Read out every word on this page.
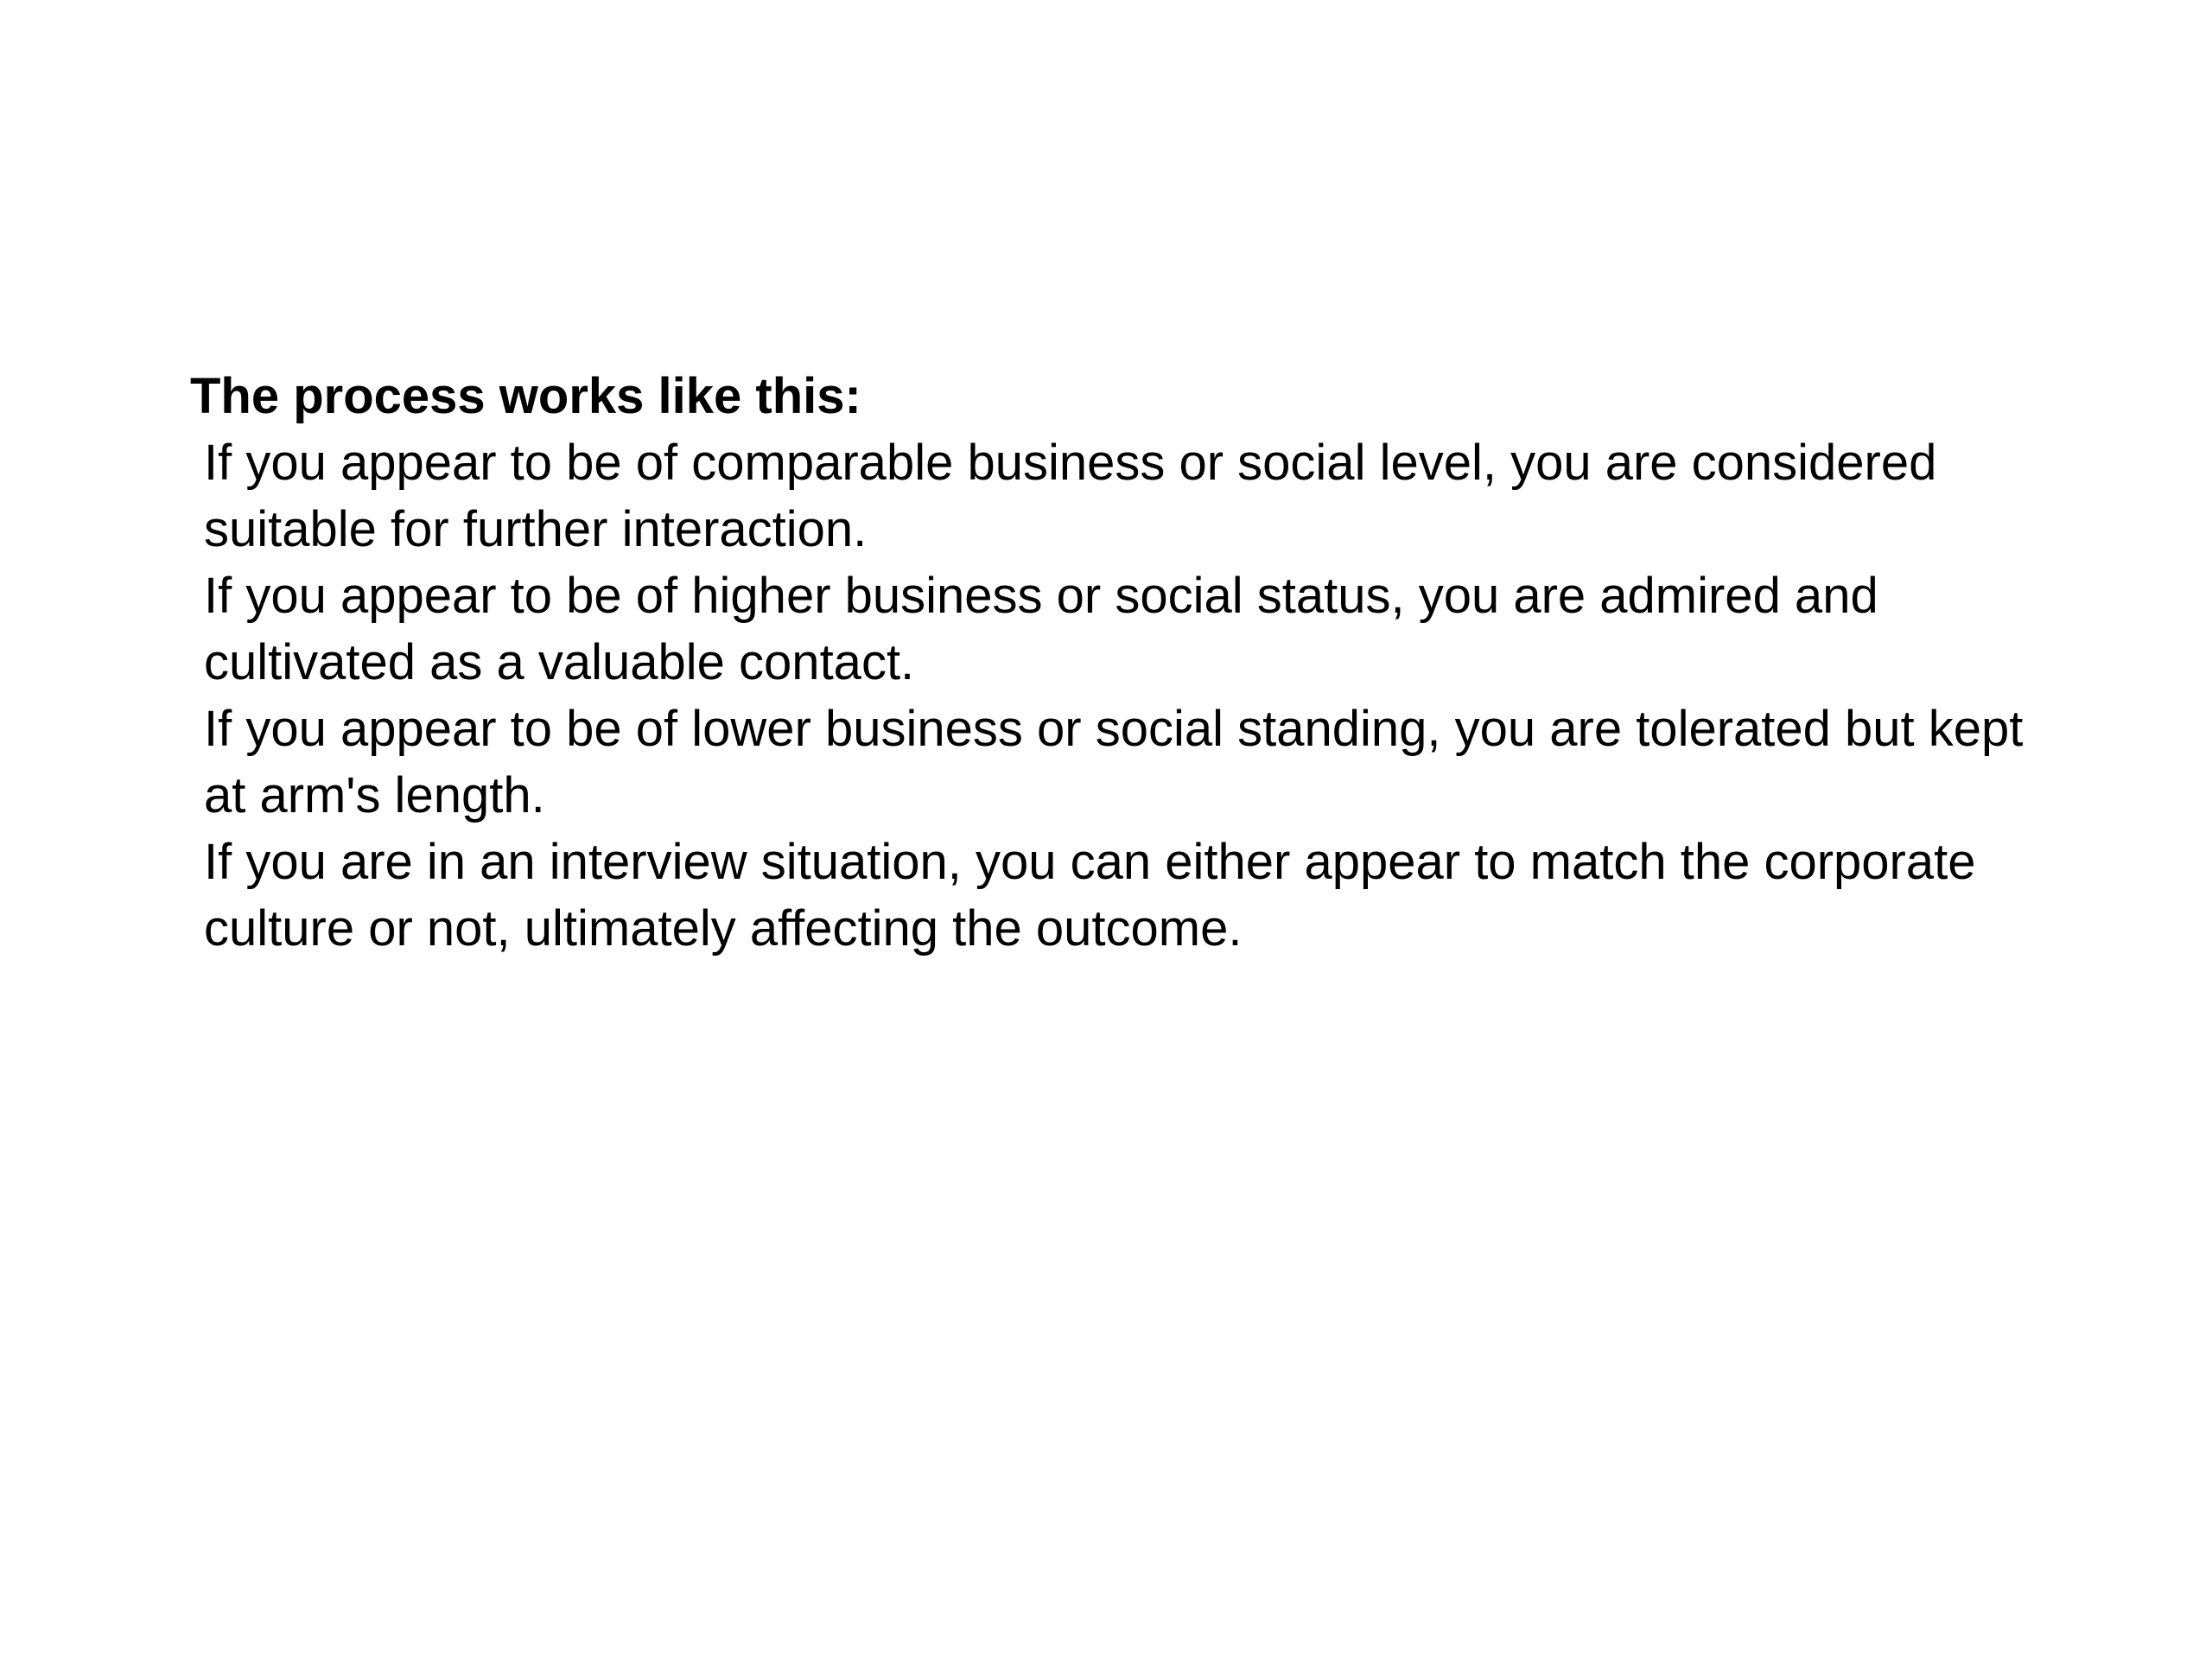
The process works like this:

If you appear to be of comparable business or social level, you are considered suitable for further interaction.

If you appear to be of higher business or social status, you are admired and cultivated as a valuable contact.

If you appear to be of lower business or social standing, you are tolerated but kept at arm's length.

If you are in an interview situation, you can either appear to match the corporate culture or not, ultimately affecting the outcome.
